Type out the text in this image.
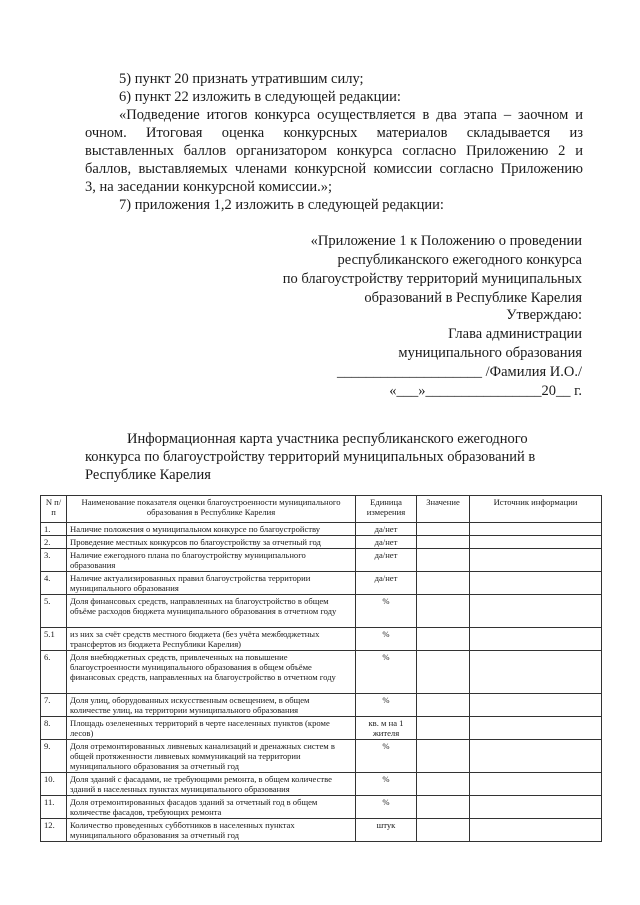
5) пункт 20 признать утратившим силу;
6) пункт 22 изложить в следующей редакции:
«Подведение итогов конкурса осуществляется в два этапа – заочном и
очном. Итоговая оценка конкурсных материалов складывается из
выставленных баллов организатором конкурса согласно Приложению 2 и
баллов, выставляемых членами конкурсной комиссии согласно Приложению
3, на заседании конкурсной комиссии.»;
7) приложения 1,2 изложить в следующей редакции:
«Приложение 1 к Положению о проведении
республиканского ежегодного конкурса
по благоустройству территорий муниципальных
образований в Республике Карелия
Утверждаю:
Глава администрации
муниципального образования
____________________ /Фамилия И.О./
«___»________________20__ г.
Информационная карта участника республиканского ежегодного
конкурса по благоустройству территорий муниципальных образований в
Республике Карелия
N п/п	Наименование показателя оценки благоустроенности муниципального образования в Республике Карелия	Единица измерения	Значение	Источник информации
1.	Наличие положения о муниципальном конкурсе по благоустройству	да/нет		
2.	Проведение местных конкурсов по благоустройству за отчетный год	да/нет		
3.	Наличие ежегодного плана по благоустройству муниципального образования	да/нет		
4.	Наличие актуализированных правил благоустройства территории муниципального образования	да/нет		
5.	Доля финансовых средств, направленных на благоустройство в общем объёме расходов бюджета муниципального образования в отчетном году	%		
5.1	из них за счёт средств местного бюджета (без учёта межбюджетных трансфертов из бюджета Республики Карелия)	%		
6.	Доля внебюджетных средств, привлеченных на повышение благоустроенности муниципального образования в общем объёме финансовых средств, направленных на благоустройство в отчетном году	%		
7.	Доля улиц, оборудованных искусственным освещением, в общем количестве улиц, на территории муниципального образования	%		
8.	Площадь озелененных территорий в черте населенных пунктов (кроме лесов)	кв. м на 1 жителя		
9.	Доля отремонтированных ливневых канализаций и дренажных систем в общей протяженности ливневых коммуникаций на территории муниципального образования за отчетный год	%		
10.	Доля зданий с фасадами, не требующими ремонта, в общем количестве зданий в населенных пунктах муниципального образования	%		
11.	Доля отремонтированных фасадов зданий за отчетный год в общем количестве фасадов, требующих ремонта	%		
12.	Количество проведенных субботников в населенных пунктах муниципального образования за отчетный год	штук		
